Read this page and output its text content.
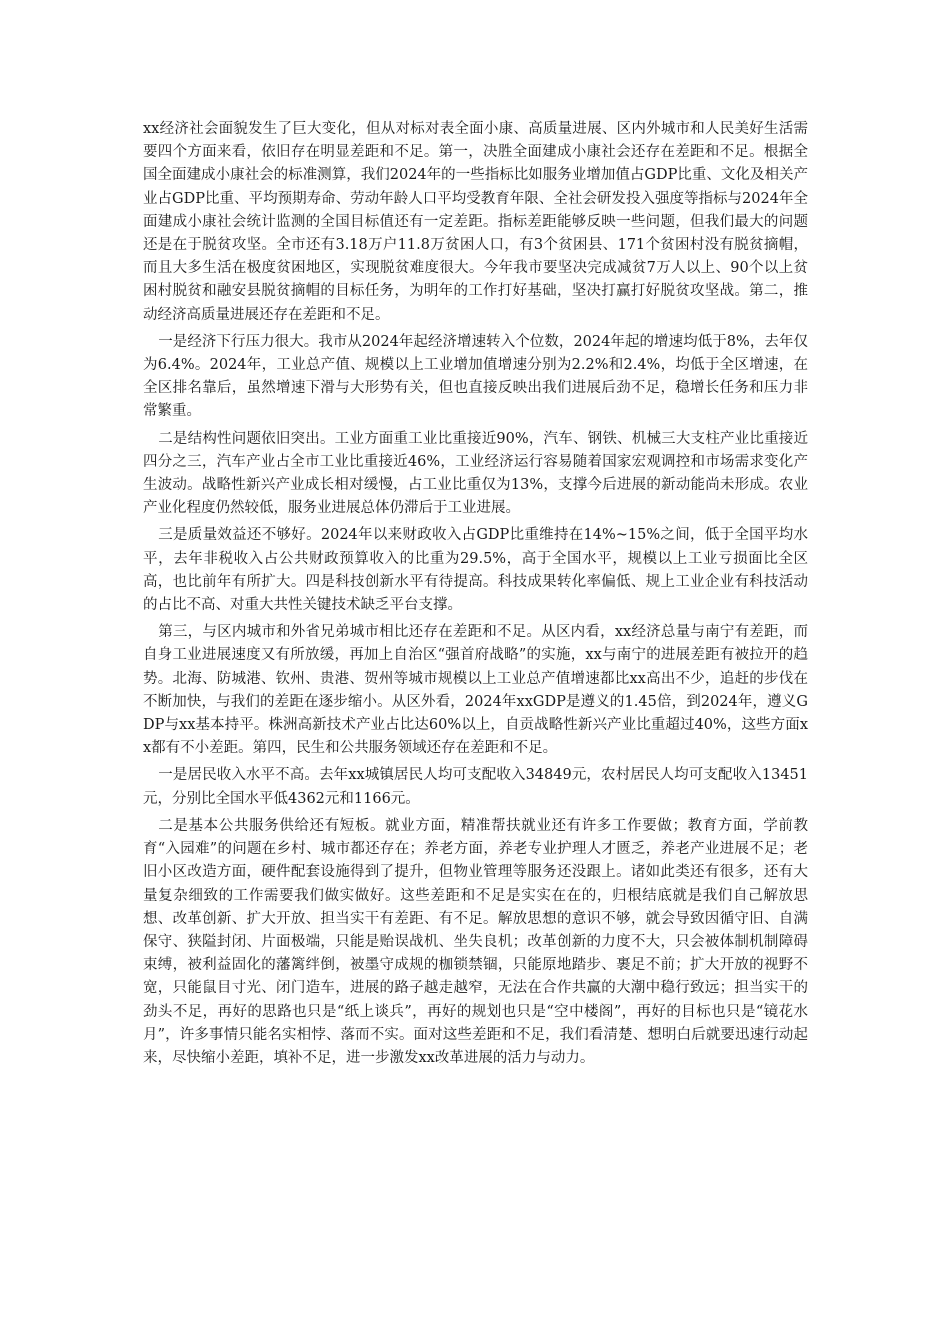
xx经济社会面貌发生了巨大变化，但从对标对表全面小康、高质量进展、区内外城市和人民美好生活需要四个方面来看，依旧存在明显差距和不足。第一，决胜全面建成小康社会还存在差距和不足。根据全国全面建成小康社会的标准测算，我们2024年的一些指标比如服务业增加值占GDP比重、文化及相关产业占GDP比重、平均预期寿命、劳动年龄人口平均受教育年限、全社会研发投入强度等指标与2024年全面建成小康社会统计监测的全国目标值还有一定差距。指标差距能够反映一些问题，但我们最大的问题还是在于脱贫攻坚。全市还有3.18万户11.8万贫困人口，有3个贫困县、171个贫困村没有脱贫摘帽，而且大多生活在极度贫困地区，实现脱贫难度很大。今年我市要坚决完成减贫7万人以上、90个以上贫困村脱贫和融安县脱贫摘帽的目标任务，为明年的工作打好基础，坚决打赢打好脱贫攻坚战。第二，推动经济高质量进展还存在差距和不足。

一是经济下行压力很大。我市从2024年起经济增速转入个位数，2024年起的增速均低于8%，去年仅为6.4%。2024年，工业总产值、规模以上工业增加值增速分别为2.2%和2.4%，均低于全区增速，在全区排名靠后，虽然增速下滑与大形势有关，但也直接反映出我们进展后劲不足，稳增长任务和压力非常繁重。

二是结构性问题依旧突出。工业方面重工业比重接近90%，汽车、钢铁、机械三大支柱产业比重接近四分之三，汽车产业占全市工业比重接近46%，工业经济运行容易随着国家宏观调控和市场需求变化产生波动。战略性新兴产业成长相对缓慢，占工业比重仅为13%，支撑今后进展的新动能尚未形成。农业产业化程度仍然较低，服务业进展总体仍滞后于工业进展。

三是质量效益还不够好。2024年以来财政收入占GDP比重维持在14%~15%之间，低于全国平均水平，去年非税收入占公共财政预算收入的比重为29.5%，高于全国水平，规模以上工业亏损面比全区高，也比前年有所扩大。四是科技创新水平有待提高。科技成果转化率偏低、规上工业企业有科技活动的占比不高、对重大共性关键技术缺乏平台支撑。

第三，与区内城市和外省兄弟城市相比还存在差距和不足。从区内看，xx经济总量与南宁有差距，而自身工业进展速度又有所放缓，再加上自治区“强首府战略”的实施，xx与南宁的进展差距有被拉开的趋势。北海、防城港、钦州、贵港、贺州等城市规模以上工业总产值增速都比xx高出不少，追赶的步伐在不断加快，与我们的差距在逐步缩小。从区外看，2024年xxGDP是遵义的1.45倍，到2024年，遵义GDP与xx基本持平。株洲高新技术产业占比达60%以上，自贡战略性新兴产业比重超过40%，这些方面xx都有不小差距。第四，民生和公共服务领域还存在差距和不足。

一是居民收入水平不高。去年xx城镇居民人均可支配收入34849元，农村居民人均可支配收入13451元，分别比全国水平低4362元和1166元。

二是基本公共服务供给还有短板。就业方面，精准帮扶就业还有许多工作要做；教育方面，学前教育“入园难”的问题在乡村、城市都还存在；养老方面，养老专业护理人才匮乏，养老产业进展不足；老旧小区改造方面，硬件配套设施得到了提升，但物业管理等服务还没跟上。诸如此类还有很多，还有大量复杂细致的工作需要我们做实做好。这些差距和不足是实实在在的，归根结底就是我们自己解放思想、改革创新、扩大开放、担当实干有差距、有不足。解放思想的意识不够，就会导致因循守旧、自满保守、狭隘封闭、片面极端，只能是贻误战机、坐失良机；改革创新的力度不大，只会被体制机制障碍束缚，被利益固化的藩篱绊倒，被墨守成规的枷锁禁锢，只能原地踏步、裹足不前；扩大开放的视野不宽，只能鼠目寸光、闭门造车，进展的路子越走越窄，无法在合作共赢的大潮中稳行致远；担当实干的劲头不足，再好的思路也只是“纸上谈兵”，再好的规划也只是“空中楼阁”，再好的目标也只是“镜花水月”，许多事情只能名实相悖、落而不实。面对这些差距和不足，我们看清楚、想明白后就要迅速行动起来，尽快缩小差距，填补不足，进一步激发xx改革进展的活力与动力。
